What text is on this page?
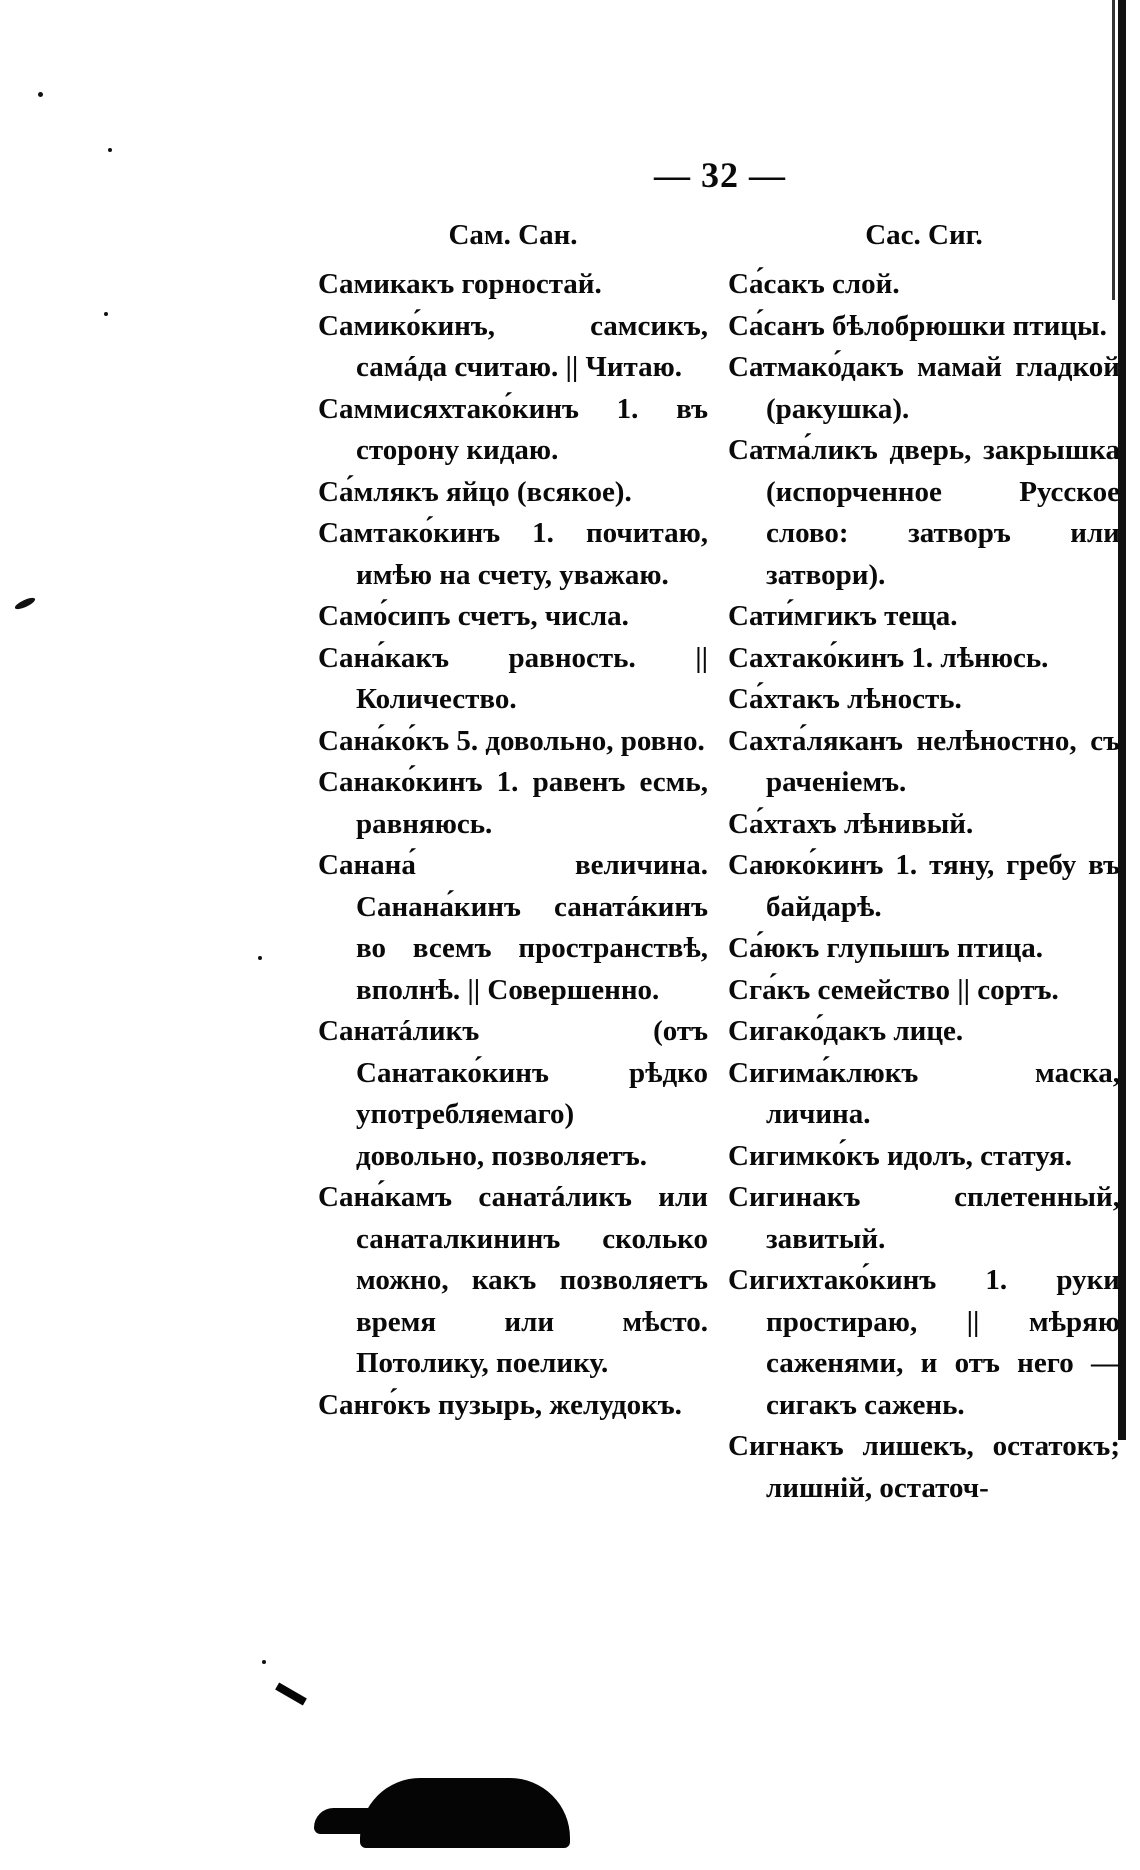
— 32 —
Сам. Сан.

Самикакъ горностай.

Самико́кинъ, самсикъ, самáда считаю. || Читаю.

Саммисяхтако́кинъ 1. въ сторону кидаю.

Са́млякъ яйцо (всякое).

Самтако́кинъ 1. почитаю, имѣю на счету, уважаю.

Само́сипъ счетъ, числа.

Сана́какъ равность. || Количество.

Сана́ко́къ 5. довольно, ровно.

Санако́кинъ 1. равенъ есмь, равняюсь.

Санана́ величина. Санана́кинъ санатáкинъ во всемъ пространствѣ, вполнѣ. || Совершенно.

Санатáликъ (отъ Санатако́кинъ рѣдко употребляемаго) довольно, позволяетъ.

Сана́камъ санатáликъ или санаталкининъ сколько можно, какъ позволяетъ время или мѣсто. Потолику, поелику.

Санго́къ пузырь, желудокъ.

Сас. Сиг.

Са́сакъ слой.

Са́санъ бѣлобрюшки птицы.

Сатмако́дакъ мамай гладкой (ракушка).

Сатма́ликъ дверь, закрышка (испорченное Русское слово: затворъ или затвори).

Сати́мгикъ теща.

Сахтако́кинъ 1. лѣнюсь.

Са́хтакъ лѣность.

Сахта́ляканъ нелѣностно, съ раченіемъ.

Са́хтахъ лѣнивый.

Саюко́кинъ 1. тяну, гребу въ байдарѣ.

Са́юкъ глупышъ птица.

Сга́къ семейство || сортъ.

Сигако́дакъ лице.

Сигима́клюкъ маска, личина.

Сигимко́къ идолъ, статуя.

Сигинакъ сплетенный, завитый.

Сигихтако́кинъ 1. руки простираю, || мѣряю саженями, и отъ него — сигакъ сажень.

Сигнакъ лишекъ, остатокъ; лишній, остаточ-
